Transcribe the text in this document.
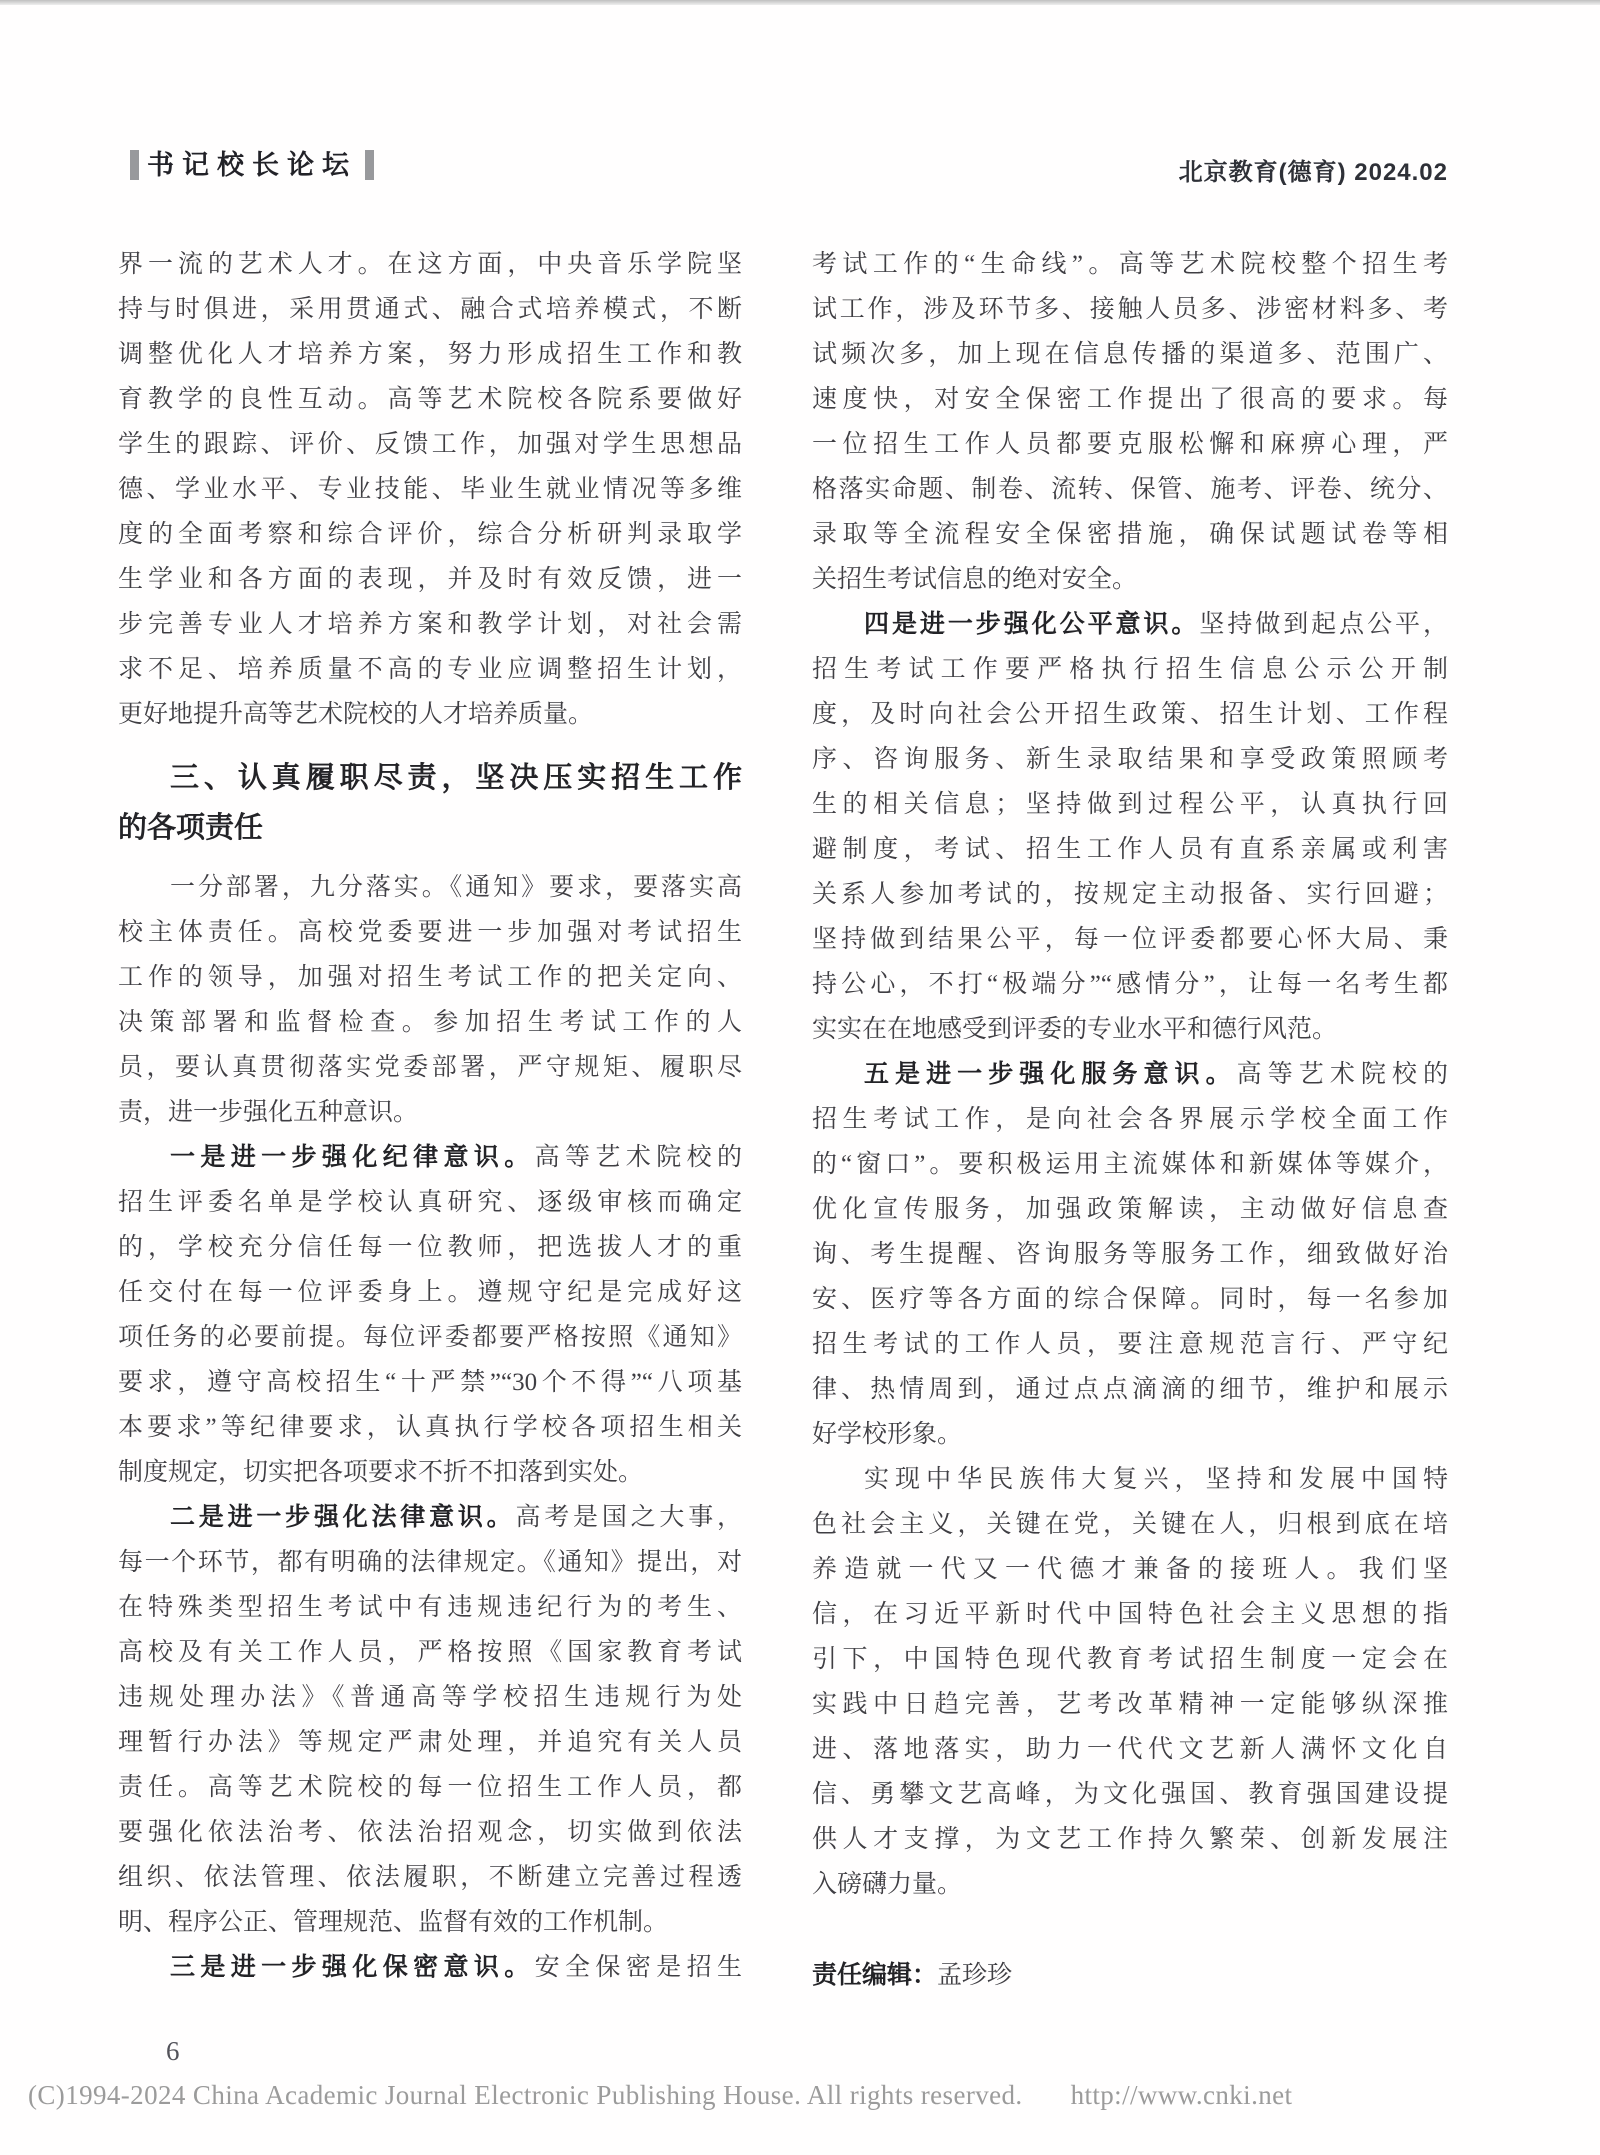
书记校长论坛	北京教育(德育) 2024.02
界一流的艺术人才。在这方面，中央音乐学院坚
持与时俱进，采用贯通式、融合式培养模式，不断
调整优化人才培养方案，努力形成招生工作和教
育教学的良性互动。高等艺术院校各院系要做好
学生的跟踪、评价、反馈工作，加强对学生思想品
德、学业水平、专业技能、毕业生就业情况等多维
度的全面考察和综合评价，综合分析研判录取学
生学业和各方面的表现，并及时有效反馈，进一
步完善专业人才培养方案和教学计划，对社会需
求不足、培养质量不高的专业应调整招生计划，
更好地提升高等艺术院校的人才培养质量。
三、认真履职尽责，坚决压实招生工作
的各项责任
一分部署，九分落实。《通知》要求，要落实高
校主体责任。高校党委要进一步加强对考试招生
工作的领导，加强对招生考试工作的把关定向、
决策部署和监督检查。参加招生考试工作的人
员，要认真贯彻落实党委部署，严守规矩、履职尽
责，进一步强化五种意识。
一是进一步强化纪律意识。高等艺术院校的
招生评委名单是学校认真研究、逐级审核而确定
的，学校充分信任每一位教师，把选拔人才的重
任交付在每一位评委身上。遵规守纪是完成好这
项任务的必要前提。每位评委都要严格按照《通知》
要求，遵守高校招生“十严禁”“30个不得”“八项基
本要求”等纪律要求，认真执行学校各项招生相关
制度规定，切实把各项要求不折不扣落到实处。
二是进一步强化法律意识。高考是国之大事，
每一个环节，都有明确的法律规定。《通知》提出，对
在特殊类型招生考试中有违规违纪行为的考生、
高校及有关工作人员，严格按照《国家教育考试
违规处理办法》《普通高等学校招生违规行为处
理暂行办法》等规定严肃处理，并追究有关人员
责任。高等艺术院校的每一位招生工作人员，都
要强化依法治考、依法治招观念，切实做到依法
组织、依法管理、依法履职，不断建立完善过程透
明、程序公正、管理规范、监督有效的工作机制。
三是进一步强化保密意识。安全保密是招生
考试工作的“生命线”。高等艺术院校整个招生考
试工作，涉及环节多、接触人员多、涉密材料多、考
试频次多，加上现在信息传播的渠道多、范围广、
速度快，对安全保密工作提出了很高的要求。每
一位招生工作人员都要克服松懈和麻痹心理，严
格落实命题、制卷、流转、保管、施考、评卷、统分、
录取等全流程安全保密措施，确保试题试卷等相
关招生考试信息的绝对安全。
四是进一步强化公平意识。坚持做到起点公平，
招生考试工作要严格执行招生信息公示公开制
度，及时向社会公开招生政策、招生计划、工作程
序、咨询服务、新生录取结果和享受政策照顾考
生的相关信息；坚持做到过程公平，认真执行回
避制度，考试、招生工作人员有直系亲属或利害
关系人参加考试的，按规定主动报备、实行回避；
坚持做到结果公平，每一位评委都要心怀大局、秉
持公心，不打“极端分”“感情分”，让每一名考生都
实实在在地感受到评委的专业水平和德行风范。
五是进一步强化服务意识。高等艺术院校的
招生考试工作，是向社会各界展示学校全面工作
的“窗口”。要积极运用主流媒体和新媒体等媒介，
优化宣传服务，加强政策解读，主动做好信息查
询、考生提醒、咨询服务等服务工作，细致做好治
安、医疗等各方面的综合保障。同时，每一名参加
招生考试的工作人员，要注意规范言行、严守纪
律、热情周到，通过点点滴滴的细节，维护和展示
好学校形象。
实现中华民族伟大复兴，坚持和发展中国特
色社会主义，关键在党，关键在人，归根到底在培
养造就一代又一代德才兼备的接班人。我们坚
信，在习近平新时代中国特色社会主义思想的指
引下，中国特色现代教育考试招生制度一定会在
实践中日趋完善，艺考改革精神一定能够纵深推
进、落地落实，助力一代代文艺新人满怀文化自
信、勇攀文艺高峰，为文化强国、教育强国建设提
供人才支撑，为文艺工作持久繁荣、创新发展注
入磅礴力量。
责任编辑：孟珍珍
6
(C)1994-2024 China Academic Journal Electronic Publishing House. All rights reserved. http://www.cnki.net
